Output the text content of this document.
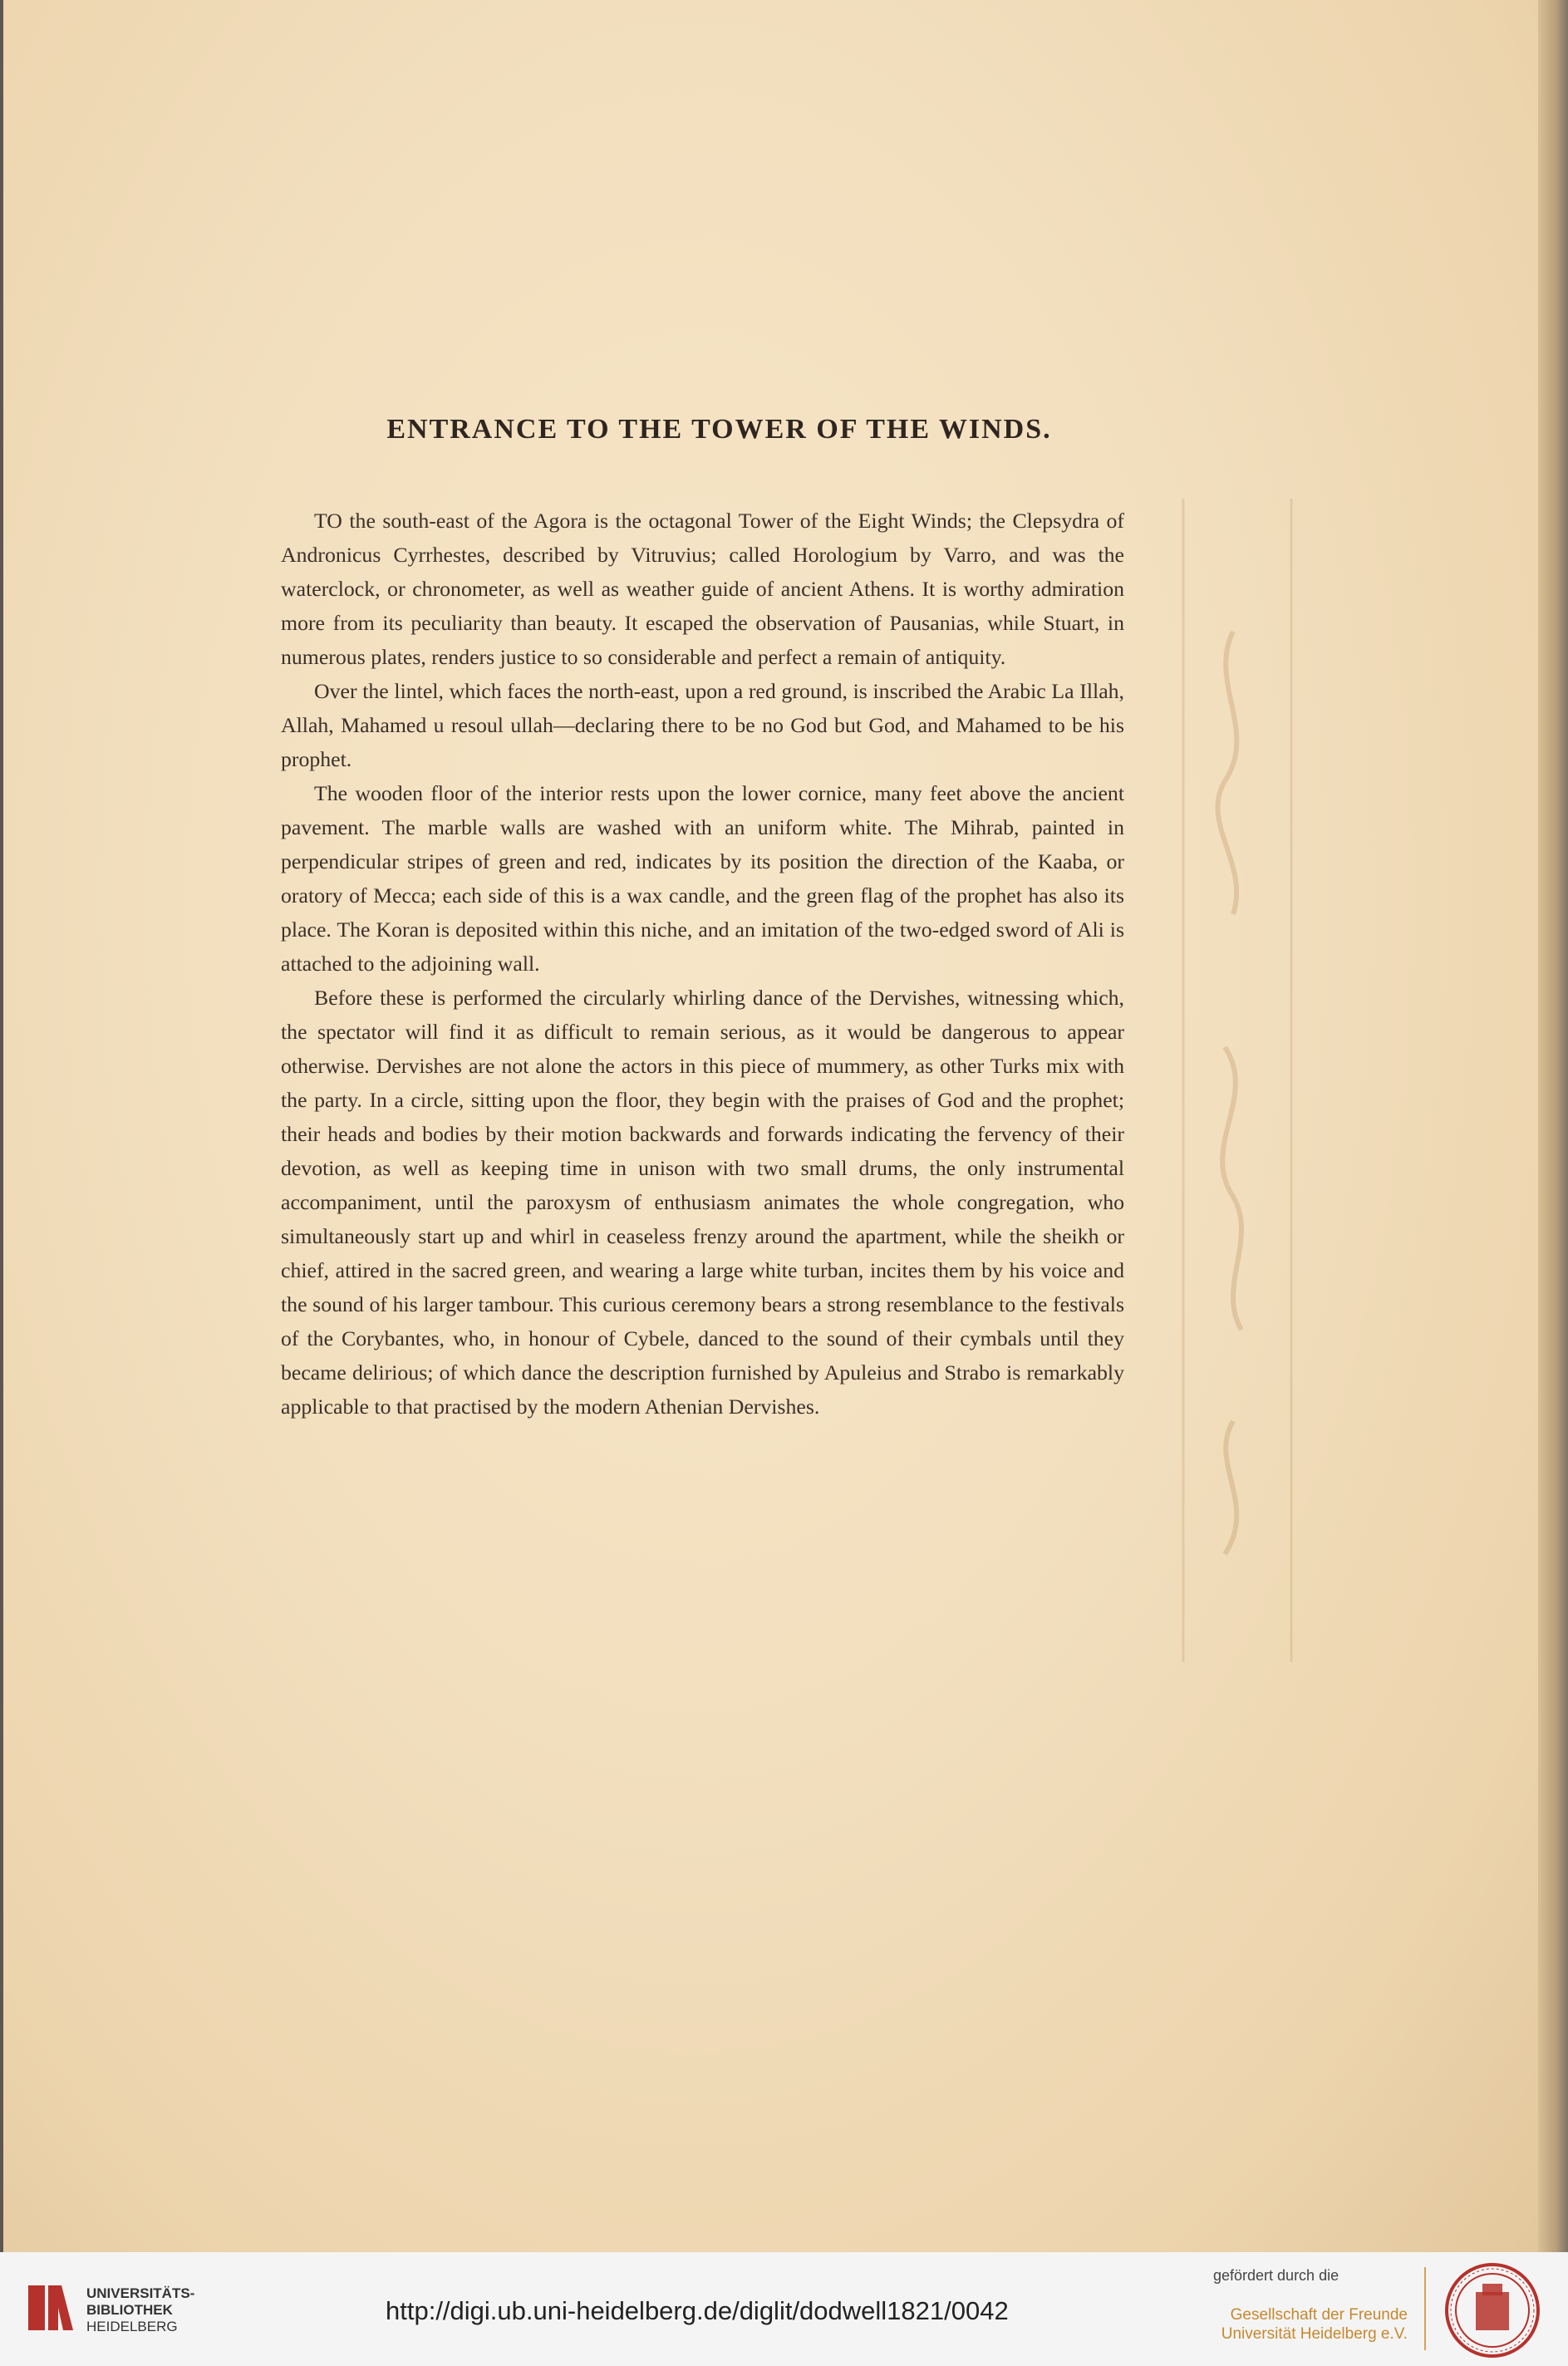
ENTRANCE TO THE TOWER OF THE WINDS.

TO the south-east of the Agora is the octagonal Tower of the Eight Winds; the Clepsydra of Andronicus Cyrrhestes, described by Vitruvius; called Horologium by Varro, and was the waterclock, or chronometer, as well as weather guide of ancient Athens. It is worthy admiration more from its peculiarity than beauty. It escaped the observation of Pausanias, while Stuart, in numerous plates, renders justice to so considerable and perfect a remain of antiquity.

Over the lintel, which faces the north-east, upon a red ground, is inscribed the Arabic La Illah, Allah, Mahamed u resoul ullah—declaring there to be no God but God, and Mahamed to be his prophet.

The wooden floor of the interior rests upon the lower cornice, many feet above the ancient pavement. The marble walls are washed with an uniform white. The Mihrab, painted in perpendicular stripes of green and red, indicates by its position the direction of the Kaaba, or oratory of Mecca; each side of this is a wax candle, and the green flag of the prophet has also its place. The Koran is deposited within this niche, and an imitation of the two-edged sword of Ali is attached to the adjoining wall.

Before these is performed the circularly whirling dance of the Dervishes, witnessing which, the spectator will find it as difficult to remain serious, as it would be dangerous to appear otherwise. Dervishes are not alone the actors in this piece of mummery, as other Turks mix with the party. In a circle, sitting upon the floor, they begin with the praises of God and the prophet; their heads and bodies by their motion backwards and forwards indicating the fervency of their devotion, as well as keeping time in unison with two small drums, the only instrumental accompaniment, until the paroxysm of enthusiasm animates the whole congregation, who simultaneously start up and whirl in ceaseless frenzy around the apartment, while the sheikh or chief, attired in the sacred green, and wearing a large white turban, incites them by his voice and the sound of his larger tambour. This curious ceremony bears a strong resemblance to the festivals of the Corybantes, who, in honour of Cybele, danced to the sound of their cymbals until they became delirious; of which dance the description furnished by Apuleius and Strabo is remarkably applicable to that practised by the modern Athenian Dervishes.

UNIVERSITÄTS-
BIBLIOTHEK
HEIDELBERG
http://digi.ub.uni-heidelberg.de/diglit/dodwell1821/0042
gefördert durch die
Gesellschaft der Freunde
Universität Heidelberg e.V.
